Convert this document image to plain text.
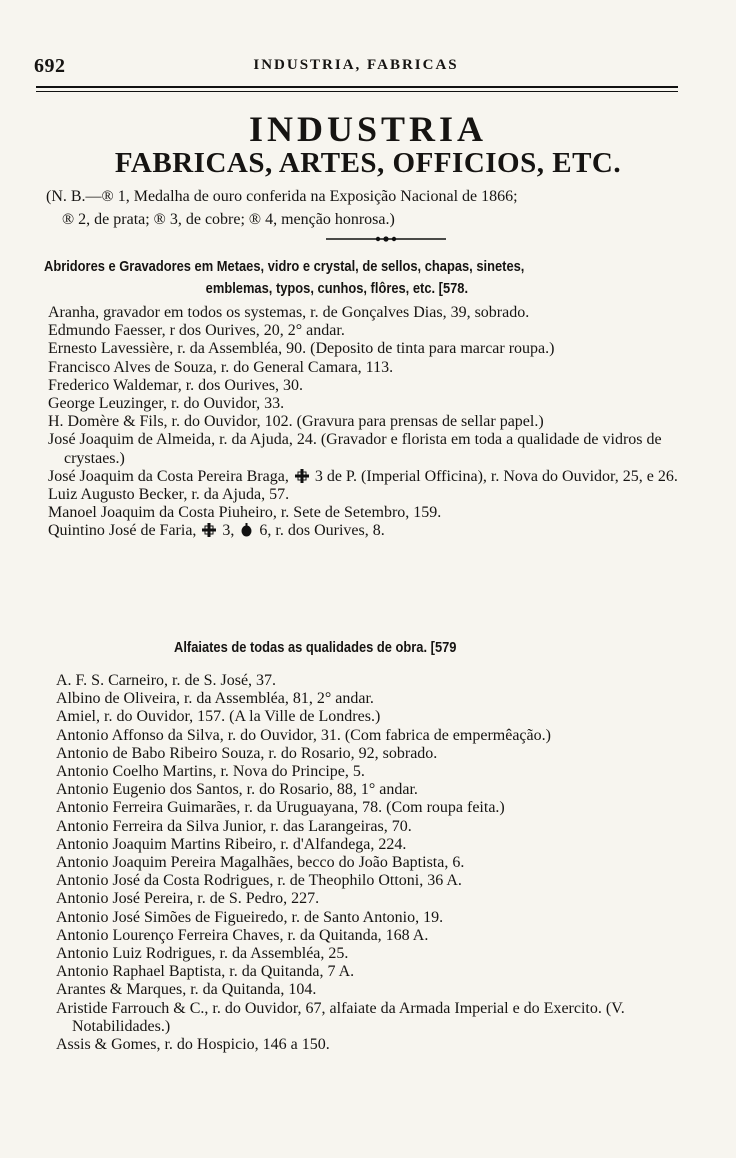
692	INDUSTRIA, FABRICAS
INDUSTRIA
FABRICAS, ARTES, OFFICIOS, ETC.

(N. B.—® 1, Medalha de ouro conferida na Exposição Nacional de 1866;

® 2, de prata; ® 3, de cobre; ® 4, menção honrosa.)

Abridores e Gravadores em Metaes, vidro e crystal, de sellos, chapas, sinetes,
emblemas, typos, cunhos, flôres, etc. [578.

Aranha, gravador em todos os systemas, r. de Gonçalves Dias, 39, sobrado.

Edmundo Faesser, r dos Ourives, 20, 2° andar.

Ernesto Lavessière, r. da Assembléa, 90. (Deposito de tinta para marcar roupa.)

Francisco Alves de Souza, r. do General Camara, 113.

Frederico Waldemar, r. dos Ourives, 30.

George Leuzinger, r. do Ouvidor, 33.

H. Domère & Fils, r. do Ouvidor, 102. (Gravura para prensas de sellar papel.)

José Joaquim de Almeida, r. da Ajuda, 24. (Gravador e florista em toda a qualidade de vidros de crystaes.)

José Joaquim da Costa Pereira Braga, 3 de P. (Imperial Officina), r. Nova do Ouvidor, 25, e 26.

Luiz Augusto Becker, r. da Ajuda, 57.

Manoel Joaquim da Costa Piuheiro, r. Sete de Setembro, 159.

Quintino José de Faria, 3, 6, r. dos Ourives, 8.

Alfaiates de todas as qualidades de obra. [579

A. F. S. Carneiro, r. de S. José, 37.

Albino de Oliveira, r. da Assembléa, 81, 2° andar.

Amiel, r. do Ouvidor, 157. (A la Ville de Londres.)

Antonio Affonso da Silva, r. do Ouvidor, 31. (Com fabrica de empermêação.)

Antonio de Babo Ribeiro Souza, r. do Rosario, 92, sobrado.

Antonio Coelho Martins, r. Nova do Principe, 5.

Antonio Eugenio dos Santos, r. do Rosario, 88, 1° andar.

Antonio Ferreira Guimarães, r. da Uruguayana, 78. (Com roupa feita.)

Antonio Ferreira da Silva Junior, r. das Larangeiras, 70.

Antonio Joaquim Martins Ribeiro, r. d'Alfandega, 224.

Antonio Joaquim Pereira Magalhães, becco do João Baptista, 6.

Antonio José da Costa Rodrigues, r. de Theophilo Ottoni, 36 A.

Antonio José Pereira, r. de S. Pedro, 227.

Antonio José Simões de Figueiredo, r. de Santo Antonio, 19.

Antonio Lourenço Ferreira Chaves, r. da Quitanda, 168 A.

Antonio Luiz Rodrigues, r. da Assembléa, 25.

Antonio Raphael Baptista, r. da Quitanda, 7 A.

Arantes & Marques, r. da Quitanda, 104.

Aristide Farrouch & C., r. do Ouvidor, 67, alfaiate da Armada Imperial e do Exercito. (V. Notabilidades.)

Assis & Gomes, r. do Hospicio, 146 a 150.
